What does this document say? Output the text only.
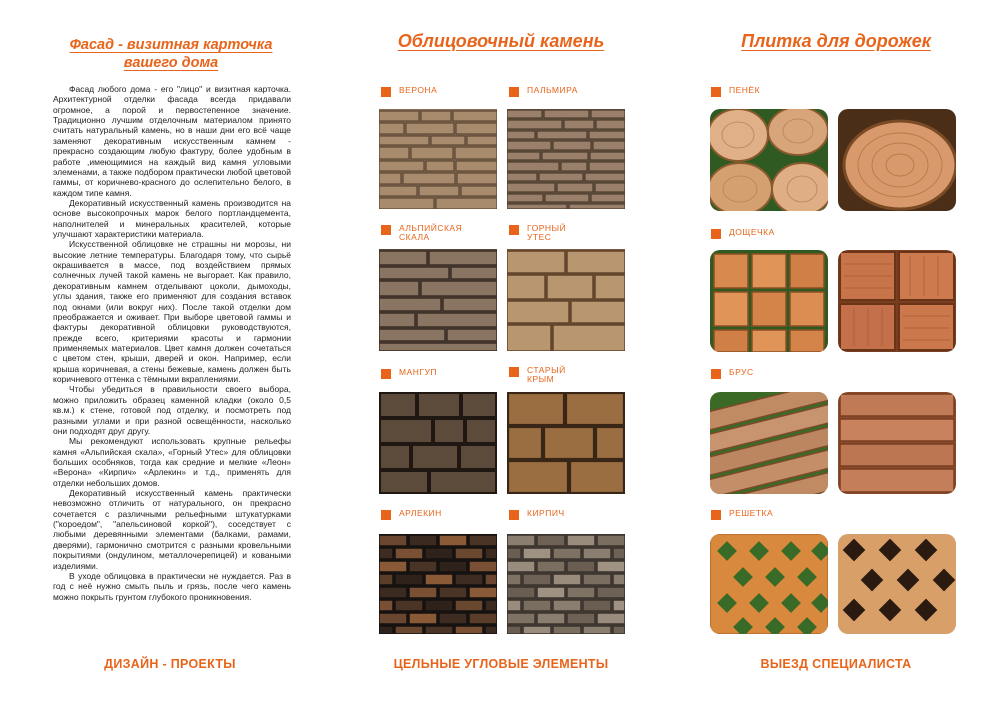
Фасад - визитная карточка
вашего дома

Фасад любого дома - его "лицо" и визитная карточка. Архитектурной отделки фасада всегда придавали огромное, а порой и первостепенное значение. Традиционно лучшим отделочным материалом принято считать натуральный камень, но в наши дни его всё чаще заменяют декоративным искусственным камнем - прекрасно создающим любую фактуру, более удобным в работе ,имеющимися на каждый вид камня угловыми элеменами, а также подбором практически любой цветовой гаммы, от коричнево-красного до ослепительно белого, в каждом типе камня.

Декоративный искусственный камень производится на основе высокопрочных марок белого портландцемента, наполнителей и минеральных красителей, которые улучшают характеристики материала.

Искусственной облицовке не страшны ни морозы, ни высокие летние температуры. Благодаря тому, что сырьё окрашивается в массе, под воздействием прямых солнечных лучей такой камень не выгорает. Как правило, декоративным камнем отделывают цоколи, дымоходы, углы здания, также его применяют для создания вставок под окнами (или вокруг них). После такой отделки дом преображается и оживает. При выборе цветовой гаммы и фактуры декоративной облицовки руководствуются, прежде всего, критериями красоты и гармонии применяемых материалов. Цвет камня должен сочетаться с цветом стен, крыши, дверей и окон. Например, если крыша коричневая, а стены бежевые, камень должен быть коричневого оттенка с тёмными вкраплениями.

Чтобы убедиться в правильности своего выбора, можно приложить образец каменной кладки (около 0,5 кв.м.) к стене, готовой под отделку, и посмотреть под разными углами и при разной освещённости, насколько они подходят друг другу.

Мы рекомендуют использовать крупные рельефы камня «Альпийская скала», «Горный Утес» для облицовки больших особняков, тогда как средние и мелкие «Леон» «Верона» «Кирпич» «Арлекин» и т.д., применять для отделки небольших домов.

Декоративный искусственный камень практически невозможно отличить от натурального, он прекрасно сочетается с различными рельефными штукатурками ("короедом", "апельсиновой коркой"), соседствует с любыми деревянными элементами (балками, рамами, дверями), гармонично смотрится с разными кровельными покрытиями (ондулином, металлочерепицей) и коваными изделиями.

В уходе облицовка в практически не нуждается. Раз в год с неё нужно смыть пыль и грязь, после чего камень можно покрыть грунтом глубокого проникновения.

ДИЗАЙН - ПРОЕКТЫ
Облицовочный камень
ВЕРОНА	ПАЛЬМИРА
АЛЬПИЙСКАЯ
СКАЛА
ГОРНЫЙ
УТЕС
МАНГУП	СТАРЫЙ
КРЫМ
АРЛЕКИН	КИРПИЧ
ЦЕЛЬНЫЕ УГЛОВЫЕ ЭЛЕМЕНТЫ
Плитка для дорожек
ПЕНЁК
ДОЩЕЧКА
БРУС
РЕШЕТКА
ВЫЕЗД СПЕЦИАЛИСТА
